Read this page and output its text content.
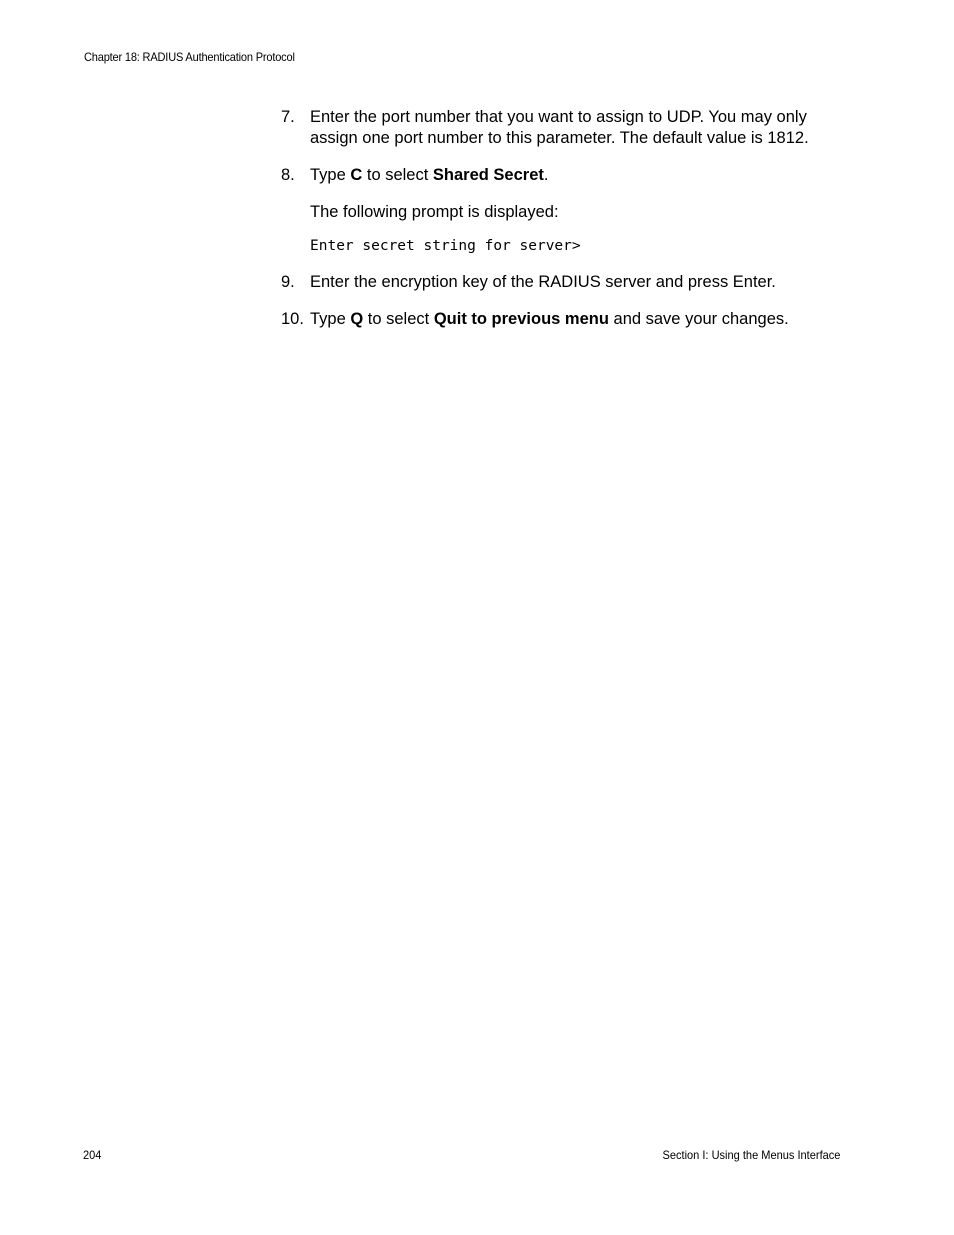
Chapter 18: RADIUS Authentication Protocol
7. Enter the port number that you want to assign to UDP. You may only assign one port number to this parameter. The default value is 1812.
8. Type C to select Shared Secret.
The following prompt is displayed:
Enter secret string for server>
9. Enter the encryption key of the RADIUS server and press Enter.
10. Type Q to select Quit to previous menu and save your changes.
204	Section I: Using the Menus Interface
